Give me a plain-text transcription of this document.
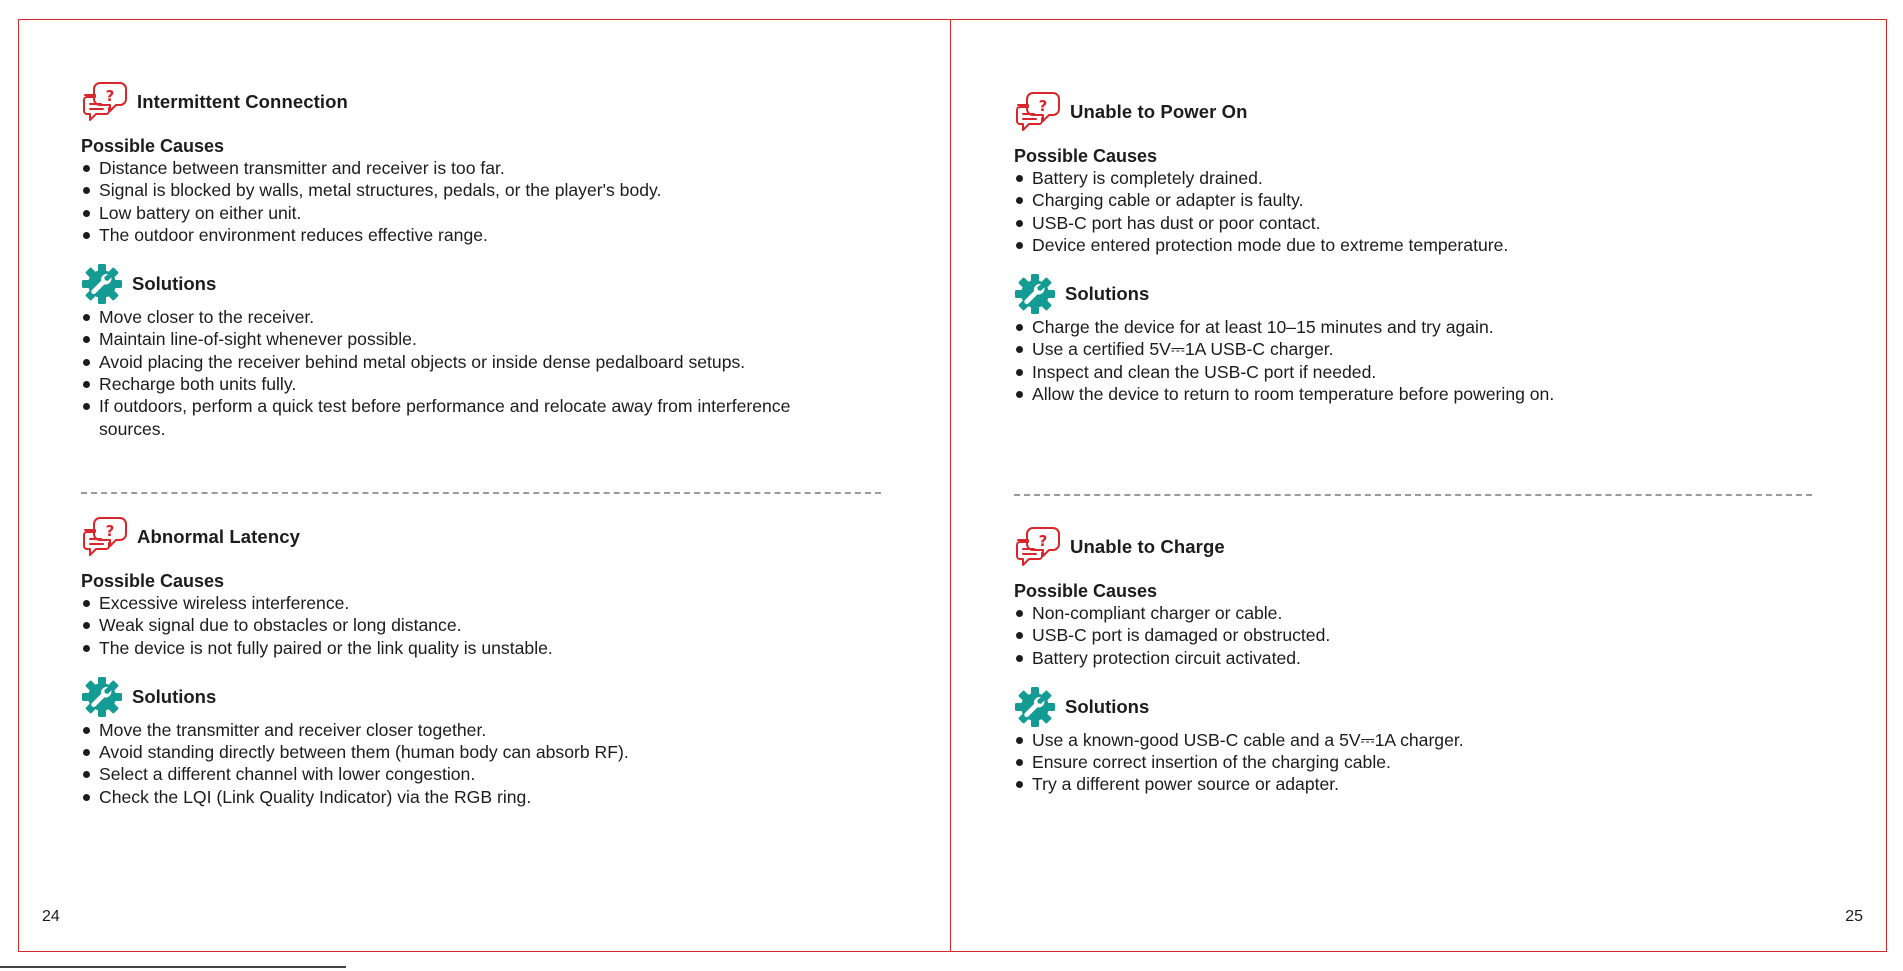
Intermittent Connection
Possible Causes
Distance between transmitter and receiver is too far.
Signal is blocked by walls, metal structures, pedals, or the player's body.
Low battery on either unit.
The outdoor environment reduces effective range.
Solutions
Move closer to the receiver.
Maintain line-of-sight whenever possible.
Avoid placing the receiver behind metal objects or inside dense pedalboard setups.
Recharge both units fully.
If outdoors, perform a quick test before performance and relocate away from interference sources.
Abnormal Latency
Possible Causes
Excessive wireless interference.
Weak signal due to obstacles or long distance.
The device is not fully paired or the link quality is unstable.
Solutions
Move the transmitter and receiver closer together.
Avoid standing directly between them (human body can absorb RF).
Select a different channel with lower congestion.
Check the LQI (Link Quality Indicator) via the RGB ring.
24
Unable to Power On
Possible Causes
Battery is completely drained.
Charging cable or adapter is faulty.
USB-C port has dust or poor contact.
Device entered protection mode due to extreme temperature.
Solutions
Charge the device for at least 10–15 minutes and try again.
Use a certified 5V⎓1A USB-C charger.
Inspect and clean the USB-C port if needed.
Allow the device to return to room temperature before powering on.
Unable to Charge
Possible Causes
Non-compliant charger or cable.
USB-C port is damaged or obstructed.
Battery protection circuit activated.
Solutions
Use a known-good USB-C cable and a 5V⎓1A charger.
Ensure correct insertion of the charging cable.
Try a different power source or adapter.
25
